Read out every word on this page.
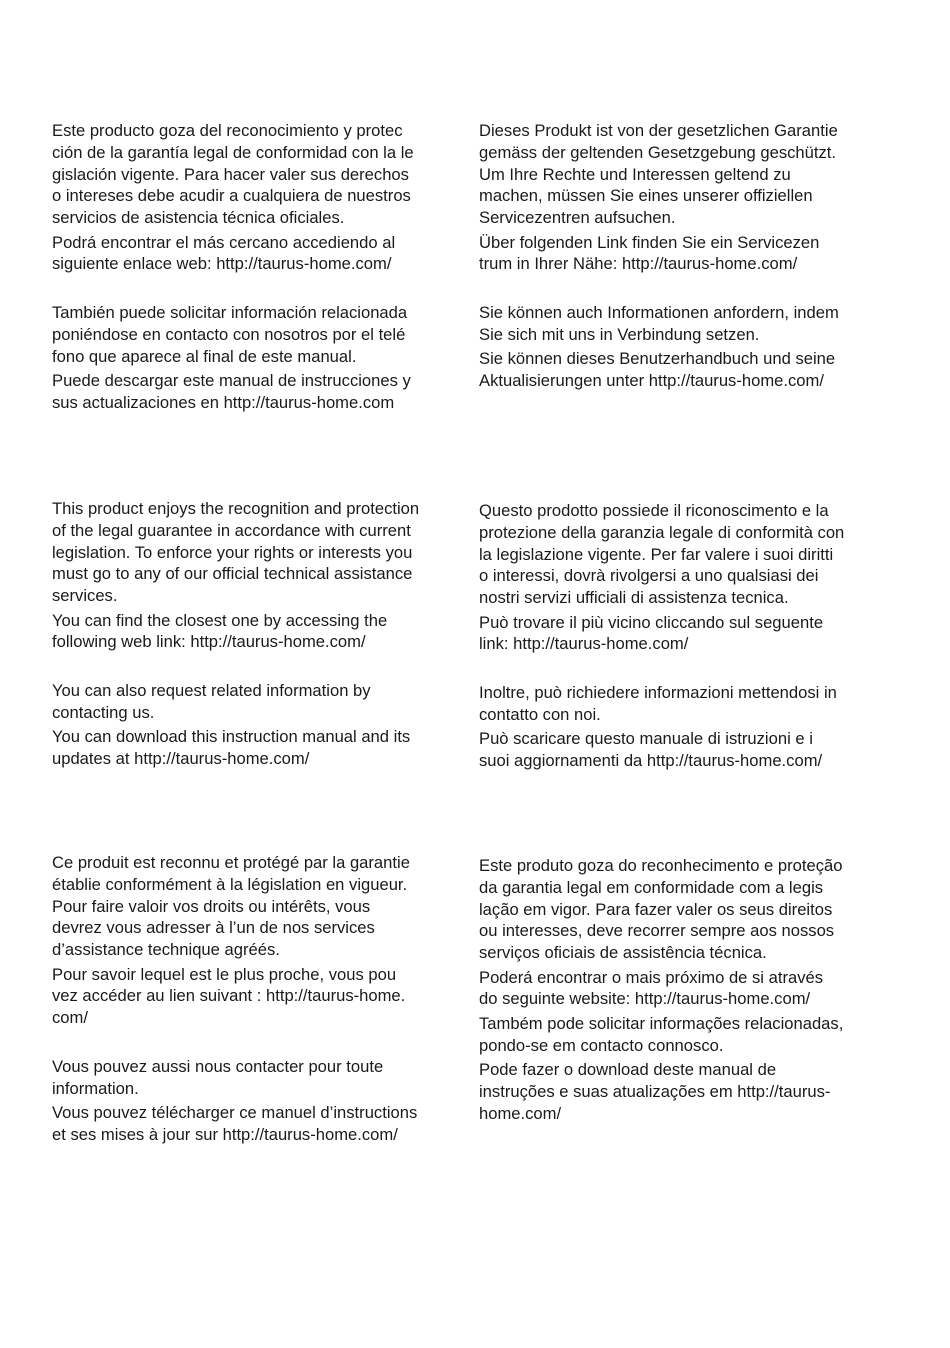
Este producto goza del reconocimiento y protec
ción de la garantía legal de conformidad con la le
gislación vigente. Para hacer valer sus derechos
o intereses debe acudir a cualquiera de nuestros
servicios de asistencia técnica oficiales.

Podrá encontrar el más cercano accediendo al
siguiente enlace web: http://taurus-home.com/

También puede solicitar información relacionada
poniéndose en contacto con nosotros por el telé
fono que aparece al final de este manual.

Puede descargar este manual de instrucciones y
sus actualizaciones en http://taurus-home.com

Dieses Produkt ist von der gesetzlichen Garantie
gemäss der geltenden Gesetzgebung geschützt.
Um Ihre Rechte und Interessen geltend zu
machen, müssen Sie eines unserer offiziellen
Servicezentren aufsuchen.

Über folgenden Link finden Sie ein Servicezen
trum in Ihrer Nähe: http://taurus-home.com/

Sie können auch Informationen anfordern, indem
Sie sich mit uns in Verbindung setzen.

Sie können dieses Benutzerhandbuch und seine
Aktualisierungen unter http://taurus-home.com/

This product enjoys the recognition and protection
of the legal guarantee in accordance with current
legislation. To enforce your rights or interests you
must go to any of our official technical assistance
services.

You can find the closest one by accessing the
following web link: http://taurus-home.com/

You can also request related information by
contacting us.

You can download this instruction manual and its
updates at http://taurus-home.com/

Questo prodotto possiede il riconoscimento e la
protezione della garanzia legale di conformità con
la legislazione vigente. Per far valere i suoi diritti
o interessi, dovrà rivolgersi a uno qualsiasi dei
nostri servizi ufficiali di assistenza tecnica.

Può trovare il più vicino cliccando sul seguente
link: http://taurus-home.com/

Inoltre, può richiedere informazioni mettendosi in
contatto con noi.

Può scaricare questo manuale di istruzioni e i
suoi aggiornamenti da http://taurus-home.com/

Ce produit est reconnu et protégé par la garantie
établie conformément à la législation en vigueur.
Pour faire valoir vos droits ou intérêts, vous
devrez vous adresser à l’un de nos services
d’assistance technique agréés.

Pour savoir lequel est le plus proche, vous pou
vez accéder au lien suivant : http://taurus-home.
com/

Vous pouvez aussi nous contacter pour toute
information.

Vous pouvez télécharger ce manuel d’instructions
et ses mises à jour sur http://taurus-home.com/

Este produto goza do reconhecimento e proteção
da garantia legal em conformidade com a legis
lação em vigor. Para fazer valer os seus direitos
ou interesses, deve recorrer sempre aos nossos
serviços oficiais de assistência técnica.

Poderá encontrar o mais próximo de si através
do seguinte website: http://taurus-home.com/

Também pode solicitar informações relacionadas,
pondo-se em contacto connosco.

Pode fazer o download deste manual de
instruções e suas atualizações em http://taurus-
home.com/
